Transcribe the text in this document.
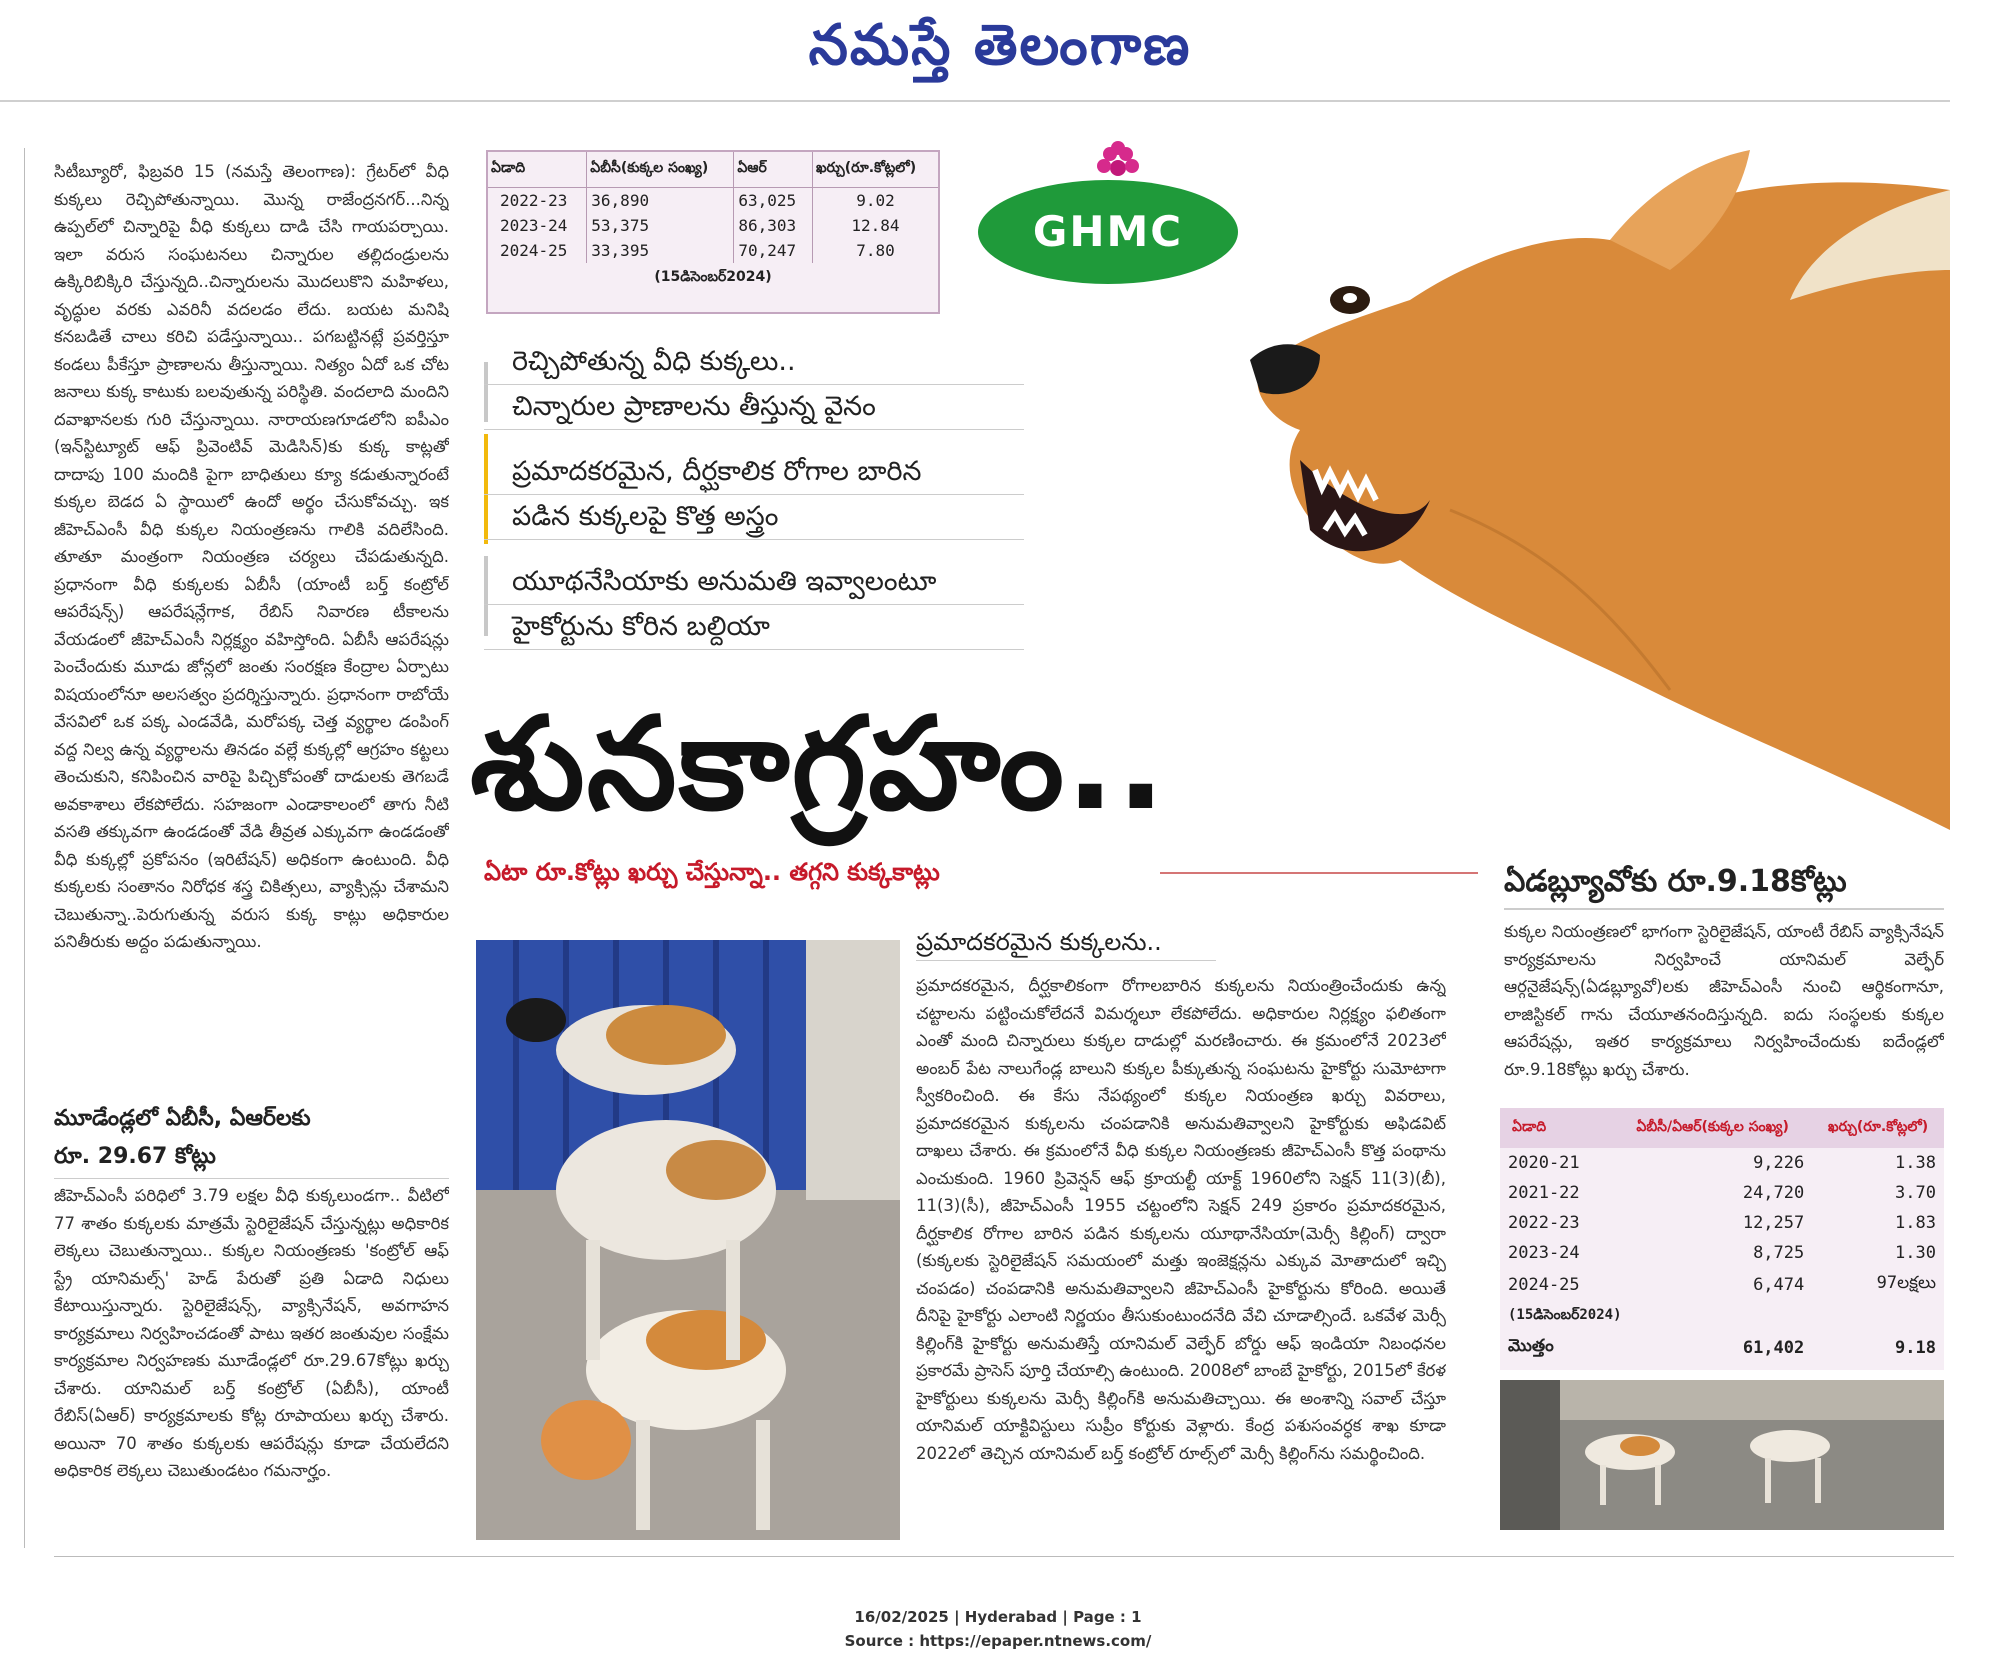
నమస్తే తెలంగాణ
ఏడాది	ఏబీసీ(కుక్కల సంఖ్య)	ఏఆర్	ఖర్చు(రూ.కోట్లలో)
2022-23	36,890	63,025	9.02
2023-24	53,375	86,303	12.84
2024-25	33,395	70,247	7.80
(15డిసెంబర్2024)
GHMC
రెచ్చిపోతున్న వీధి కుక్కలు..
చిన్నారుల ప్రాణాలను తీస్తున్న వైనం
ప్రమాదకరమైన, దీర్ఘకాలిక రోగాల బారిన
పడిన కుక్కలపై కొత్త అస్త్రం
యూథనేసియాకు అనుమతి ఇవ్వాలంటూ
హైకోర్టును కోరిన బల్దియా
శునకాగ్రహం..
ఏటా రూ.కోట్లు ఖర్చు చేస్తున్నా.. తగ్గని కుక్కకాట్లు

సిటీబ్యూరో, ఫిబ్రవరి 15 (నమస్తే తెలంగాణ): గ్రేటర్‌లో వీధి కుక్కలు రెచ్చిపోతున్నాయి. మొన్న రాజేంద్రనగర్...నిన్న ఉప్పల్‌లో చిన్నారిపై వీధి కుక్కలు దాడి చేసి గాయపర్చాయి. ఇలా వరుస సంఘటనలు చిన్నారుల తల్లిదండ్రులను ఉక్కిరిబిక్కిరి చేస్తున్నది..చిన్నారులను మొదలుకొని మహిళలు, వృద్ధుల వరకు ఎవరినీ వదలడం లేదు. బయట మనిషి కనబడితే చాలు కరిచి పడేస్తున్నాయి.. పగబట్టినట్లే ప్రవర్తిస్తూ కండలు పీకేస్తూ ప్రాణాలను తీస్తున్నాయి. నిత్యం ఏదో ఒక చోట జనాలు కుక్క కాటుకు బలవుతున్న పరిస్థితి. వందలాది మందిని దవాఖానలకు గురి చేస్తున్నాయి. నారాయణగూడలోని ఐపీఎం (ఇన్‌స్టిట్యూట్ ఆఫ్ ప్రివెంటివ్ మెడిసిన్)కు కుక్క కాట్లతో దాదాపు 100 మందికి పైగా బాధితులు క్యూ కడుతున్నారంటే కుక్కల బెడద ఏ స్థాయిలో ఉందో అర్థం చేసుకోవచ్చు. ఇక జీహెచ్‌ఎంసీ వీధి కుక్కల నియంత్రణను గాలికి వదిలేసింది. తూతూ మంత్రంగా నియంత్రణ చర్యలు చేపడుతున్నది. ప్రధానంగా వీధి కుక్కలకు ఏబీసీ (యాంటీ బర్త్ కంట్రోల్ ఆపరేషన్స్) ఆపరేషన్లేగాక, రేబిస్ నివారణ టీకాలను వేయడంలో జీహెచ్‌ఎంసీ నిర్లక్ష్యం వహిస్తోంది. ఏబీసీ ఆపరేషన్లు పెంచేందుకు మూడు జోన్లలో జంతు సంరక్షణ కేంద్రాల ఏర్పాటు విషయంలోనూ అలసత్వం ప్రదర్శిస్తున్నారు. ప్రధానంగా రాబోయే వేసవిలో ఒక పక్క ఎండవేడి, మరోపక్క చెత్త వ్యర్థాల డంపింగ్ వద్ద నిల్వ ఉన్న వ్యర్థాలను తినడం వల్లే కుక్కల్లో ఆగ్రహం కట్టలు తెంచుకుని, కనిపించిన వారిపై పిచ్చికోపంతో దాడులకు తెగబడే అవకాశాలు లేకపోలేదు. సహజంగా ఎండాకాలంలో తాగు నీటి వసతి తక్కువగా ఉండడంతో వేడి తీవ్రత ఎక్కువగా ఉండడంతో వీధి కుక్కల్లో ప్రకోపనం (ఇరిటేషన్) అధికంగా ఉంటుంది. వీధి కుక్కలకు సంతానం నిరోధక శస్త్ర చికిత్సలు, వ్యాక్సిన్లు చేశామని చెబుతున్నా..పెరుగుతున్న వరుస కుక్క కాట్లు అధికారుల పనితీరుకు అద్దం పడుతున్నాయి.

మూడేండ్లలో ఏబీసీ, ఏఆర్‌లకు
రూ. 29.67 కోట్లు

జీహెచ్‌ఎంసీ పరిధిలో 3.79 లక్షల వీధి కుక్కలుండగా.. వీటిలో 77 శాతం కుక్కలకు మాత్రమే స్టెరిలైజేషన్ చేస్తున్నట్లు అధికారిక లెక్కలు చెబుతున్నాయి.. కుక్కల నియంత్రణకు 'కంట్రోల్ ఆఫ్ స్ట్రే యానిమల్స్' హెడ్ పేరుతో ప్రతి ఏడాది నిధులు కేటాయిస్తున్నారు. స్టెరిలైజేషన్స్, వ్యాక్సినేషన్, అవగాహన కార్యక్రమాలు నిర్వహించడంతో పాటు ఇతర జంతువుల సంక్షేమ కార్యక్రమాల నిర్వహణకు మూడేండ్లలో రూ.29.67కోట్లు ఖర్చు చేశారు. యానిమల్ బర్త్ కంట్రోల్ (ఏబీసీ), యాంటీ రేబిస్(ఏఆర్) కార్యక్రమాలకు కోట్ల రూపాయలు ఖర్చు చేశారు. అయినా 70 శాతం కుక్కలకు ఆపరేషన్లు కూడా చేయలేదని అధికారిక లెక్కలు చెబుతుండటం గమనార్హం.

ప్రమాదకరమైన కుక్కలను..

ప్రమాదకరమైన, దీర్ఘకాలికంగా రోగాలబారిన కుక్కలను నియంత్రించేందుకు ఉన్న చట్టాలను పట్టించుకోలేదనే విమర్శలూ లేకపోలేదు. అధికారుల నిర్లక్ష్యం ఫలితంగా ఎంతో మంది చిన్నారులు కుక్కల దాడుల్లో మరణించారు. ఈ క్రమంలోనే 2023లో అంబర్ పేట నాలుగేండ్ల బాలుని కుక్కల పీక్కుతున్న సంఘటను హైకోర్టు సుమోటాగా స్వీకరించింది. ఈ కేసు నేపథ్యంలో కుక్కల నియంత్రణ ఖర్చు వివరాలు, ప్రమాదకరమైన కుక్కలను చంపడానికి అనుమతివ్వాలని హైకోర్టుకు అఫిడవిట్ దాఖలు చేశారు. ఈ క్రమంలోనే వీధి కుక్కల నియంత్రణకు జీహెచ్‌ఎంసీ కొత్త పంథాను ఎంచుకుంది. 1960 ప్రివెన్షన్ ఆఫ్ క్రూయల్టీ యాక్ట్ 1960లోని సెక్షన్ 11(3)(బీ), 11(3)(సీ), జీహెచ్‌ఎంసీ 1955 చట్టంలోని సెక్షన్ 249 ప్రకారం ప్రమాదకరమైన, దీర్ఘకాలిక రోగాల బారిన పడిన కుక్కలను యూథానేసియా(మెర్సీ కిల్లింగ్) ద్వారా (కుక్కలకు స్టెరిలైజేషన్ సమయంలో మత్తు ఇంజెక్షన్లను ఎక్కువ మోతాదులో ఇచ్చి చంపడం) చంపడానికి అనుమతివ్వాలని జీహెచ్‌ఎంసీ హైకోర్టును కోరింది. అయితే దీనిపై హైకోర్టు ఎలాంటి నిర్ణయం తీసుకుంటుందనేది వేచి చూడాల్సిందే. ఒకవేళ మెర్సీ కిల్లింగ్‌కి హైకోర్టు అనుమతిస్తే యానిమల్ వెల్ఫేర్ బోర్డు ఆఫ్ ఇండియా నిబంధనల ప్రకారమే ప్రాసెస్ పూర్తి చేయాల్సి ఉంటుంది. 2008లో బాంబే హైకోర్టు, 2015లో కేరళ హైకోర్టులు కుక్కలను మెర్సీ కిల్లింగ్‌కి అనుమతిచ్చాయి. ఈ అంశాన్ని సవాల్ చేస్తూ యానిమల్ యాక్టివిస్టులు సుప్రీం కోర్టుకు వెళ్లారు. కేంద్ర పశుసంవర్ధక శాఖ కూడా 2022లో తెచ్చిన యానిమల్ బర్త్ కంట్రోల్ రూల్స్‌లో మెర్సీ కిల్లింగ్‌ను సమర్థించింది.

ఏడబ్ల్యూవోకు రూ.9.18కోట్లు

కుక్కల నియంత్రణలో భాగంగా స్టెరిలైజేషన్, యాంటీ రేబిస్ వ్యాక్సినేషన్ కార్యక్రమాలను నిర్వహించే యానిమల్ వెల్ఫేర్ ఆర్గనైజేషన్స్(ఏడబ్ల్యూవో)లకు జీహెచ్‌ఎంసీ నుంచి ఆర్థికంగానూ, లాజిస్టికల్ గాను చేయూతనందిస్తున్నది. ఐదు సంస్థలకు కుక్కల ఆపరేషన్లు, ఇతర కార్యక్రమాలు నిర్వహించేందుకు ఐదేండ్లలో రూ.9.18కోట్లు ఖర్చు చేశారు.

ఏడాది	ఏబీసీ/ఏఆర్(కుక్కల సంఖ్య)	ఖర్చు(రూ.కోట్లలో)
2020-21	9,226	1.38
2021-22	24,720	3.70
2022-23	12,257	1.83
2023-24	8,725	1.30
2024-25	6,474	97లక్షలు
(15డిసెంబర్2024)		
మొత్తం	61,402	9.18
16/02/2025 | Hyderabad | Page : 1
Source : https://epaper.ntnews.com/
